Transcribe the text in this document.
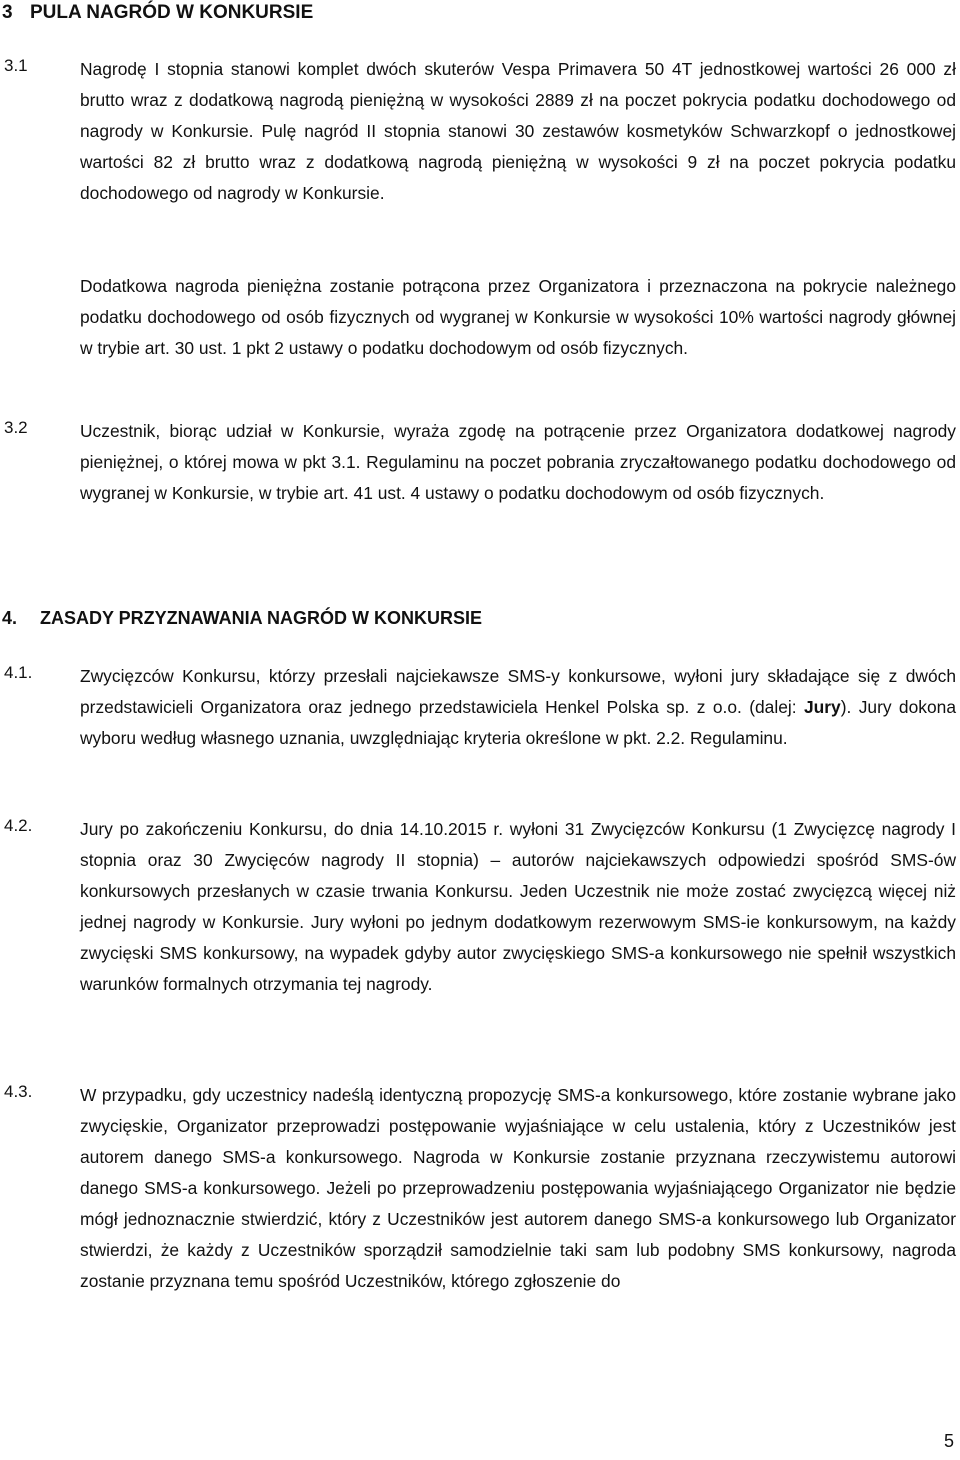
3 PULA NAGRÓD W KONKURSIE
3.1	Nagrodę I stopnia stanowi komplet dwóch skuterów Vespa Primavera 50 4T jednostkowej wartości 26 000 zł brutto wraz z dodatkową nagrodą pieniężną w wysokości 2889 zł na poczet pokrycia podatku dochodowego od nagrody w Konkursie. Pulę nagród II stopnia stanowi 30 zestawów kosmetyków Schwarzkopf o jednostkowej wartości 82 zł brutto wraz z dodatkową nagrodą pieniężną w wysokości 9 zł na poczet pokrycia podatku dochodowego od nagrody w Konkursie.
Dodatkowa nagroda pieniężna zostanie potrącona przez Organizatora i przeznaczona na pokrycie należnego podatku dochodowego od osób fizycznych od wygranej w Konkursie w wysokości 10% wartości nagrody głównej w trybie art. 30 ust. 1 pkt 2 ustawy o podatku dochodowym od osób fizycznych.
3.2	Uczestnik, biorąc udział w Konkursie, wyraża zgodę na potrącenie przez Organizatora dodatkowej nagrody pieniężnej, o której mowa w pkt 3.1. Regulaminu na poczet pobrania zryczałtowanego podatku dochodowego od wygranej w Konkursie, w trybie art. 41 ust. 4 ustawy o podatku dochodowym od osób fizycznych.
4. ZASADY PRZYZNAWANIA NAGRÓD W KONKURSIE
4.1.	Zwycięzców Konkursu, którzy przesłali najciekawsze SMS-y konkursowe, wyłoni jury składające się z dwóch przedstawicieli Organizatora oraz jednego przedstawiciela Henkel Polska sp. z o.o. (dalej: Jury). Jury dokona wyboru według własnego uznania, uwzględniając kryteria określone w pkt. 2.2. Regulaminu.
4.2.	Jury po zakończeniu Konkursu, do dnia 14.10.2015 r. wyłoni 31 Zwycięzców Konkursu (1 Zwycięzcę nagrody I stopnia oraz 30 Zwycięców nagrody II stopnia) – autorów najciekawszych odpowiedzi spośród SMS-ów konkursowych przesłanych w czasie trwania Konkursu. Jeden Uczestnik nie może zostać zwycięzcą więcej niż jednej nagrody w Konkursie. Jury wyłoni po jednym dodatkowym rezerwowym SMS-ie konkursowym, na każdy zwycięski SMS konkursowy, na wypadek gdyby autor zwycięskiego SMS-a konkursowego nie spełnił wszystkich warunków formalnych otrzymania tej nagrody.
4.3.	W przypadku, gdy uczestnicy nadeślą identyczną propozycję SMS-a konkursowego, które zostanie wybrane jako zwycięskie, Organizator przeprowadzi postępowanie wyjaśniające w celu ustalenia, który z Uczestników jest autorem danego SMS-a konkursowego. Nagroda w Konkursie zostanie przyznana rzeczywistemu autorowi danego SMS-a konkursowego. Jeżeli po przeprowadzeniu postępowania wyjaśniającego Organizator nie będzie mógł jednoznacznie stwierdzić, który z Uczestników jest autorem danego SMS-a konkursowego lub Organizator stwierdzi, że każdy z Uczestników sporządził samodzielnie taki sam lub podobny SMS konkursowy, nagroda zostanie przyznana temu spośród Uczestników, którego zgłoszenie do
5
